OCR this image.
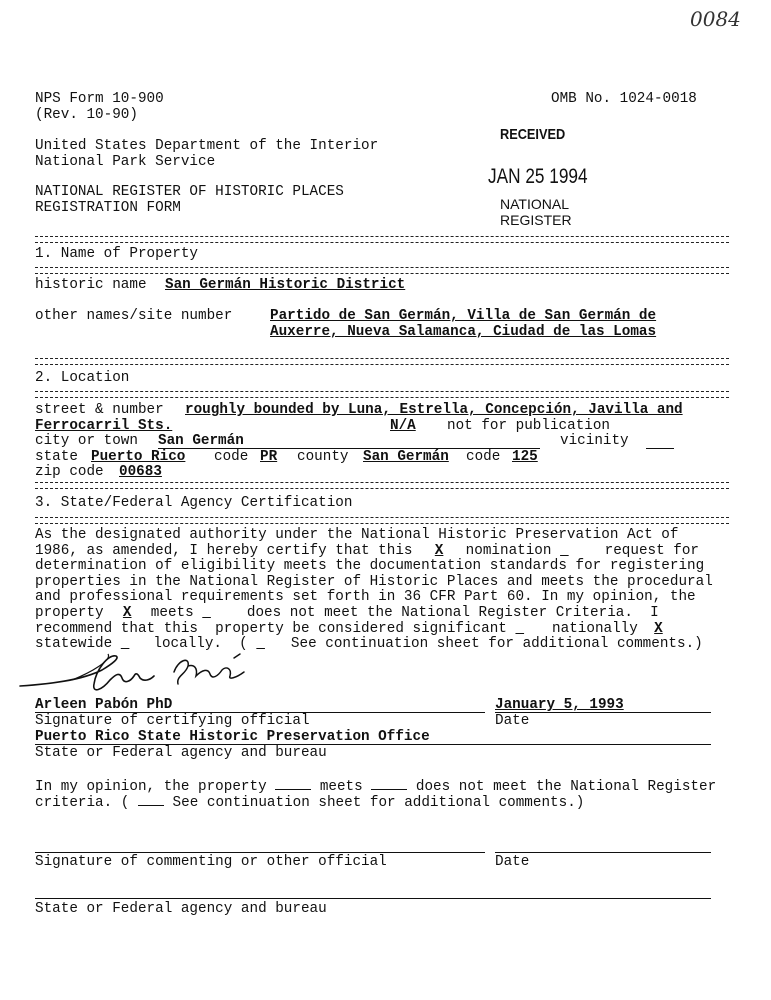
0084
NPS Form 10-900
(Rev. 10-90)
OMB No. 1024-0018
United States Department of the Interior
National Park Service
NATIONAL REGISTER OF HISTORIC PLACES
REGISTRATION FORM
RECEIVED
JAN 25 1994
NATIONAL
REGISTER
1. Name of Property
historic name San Germán Historic District
other names/site number	Partido de San Germán, Villa de San Germán de
Auxerre, Nueva Salamanca, Ciudad de las Lomas
2. Location
street & number roughly bounded by Luna, Estrella, Concepción, Javilla and
Ferrocarril Sts.	N/A not for publication
city or town San Germán	vicinity
state Puerto Rico code PR county San Germán code 125
zip code 00683
3. State/Federal Agency Certification
As the designated authority under the National Historic Preservation Act of
1986, as amended, I hereby certify that this X nomination	request for
determination of eligibility meets the documentation standards for registering
properties in the National Register of Historic Places and meets the procedural
and professional requirements set forth in 36 CFR Part 60. In my opinion, the
property X meets	does not meet the National Register Criteria.  I
recommend that this  property be considered significant   nationally X
statewide   locally.  (   See continuation sheet for additional comments.)
Arleen Pabón PhD	January 5, 1993
Signature of certifying official	Date
Puerto Rico State Historic Preservation Office
State or Federal agency and bureau
In my opinion, the property	meets	does not meet the National Register
criteria. (  See continuation sheet for additional comments.)
Signature of commenting or other official	Date
State or Federal agency and bureau
